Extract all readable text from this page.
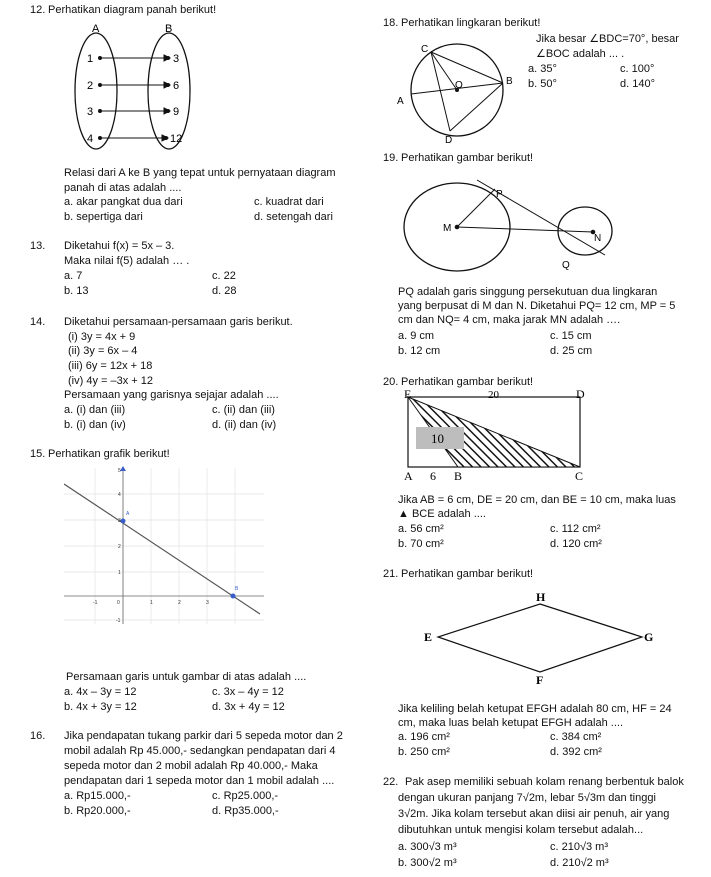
12. Perhatikan diagram panah berikut!
A	B
1
2
3
4
3
6
9
12
Relasi dari A ke B yang tepat untuk pernyataan diagram
panah di atas adalah ....
a. akar pangkat dua dari	c. kuadrat dari
b. sepertiga dari	d. setengah dari
13. Diketahui f(x) = 5x – 3.
Maka nilai f(5) adalah … .
a. 7	c. 22
b. 13	d. 28
14. Diketahui persamaan-persamaan garis berikut.
(i) 3y = 4x + 9
(ii) 3y = 6x – 4
(iii) 6y = 12x + 18
(iv) 4y = –3x + 12
Persamaan yang garisnya sejajar adalah ....
a. (i) dan (iii)	c. (ii) dan (iii)
b. (i) dan (iv)	d. (ii) dan (iv)
15. Perhatikan grafik berikut!
A
B
-1	0	1	2	3
5
4
3
2
1
-1
Persamaan garis untuk gambar di atas adalah ....
a. 4x – 3y = 12	c. 3x – 4y = 12
b. 4x + 3y = 12	d. 3x + 4y = 12
16. Jika pendapatan tukang parkir dari 5 sepeda motor dan 2
mobil adalah Rp 45.000,- sedangkan pendapatan dari 4
sepeda motor dan 2 mobil adalah Rp 40.000,- Maka
pendapatan dari 1 sepeda motor dan 1 mobil adalah ....
a. Rp15.000,-	c. Rp25.000,-
b. Rp20.000,-	d. Rp35.000,-
18. Perhatikan lingkaran berikut!
C
O	B
A
D
Jika besar ∠BDC=70°, besar
∠BOC adalah ... .
a. 35°	c. 100°
b. 50°	d. 140°
19. Perhatikan gambar berikut!
P
M
N
Q
PQ adalah garis singgung persekutuan dua lingkaran
yang berpusat di M dan N. Diketahui PQ= 12 cm, MP = 5
cm dan NQ= 4 cm, maka jarak MN adalah ….
a. 9 cm	c. 15 cm
b. 12 cm	d. 25 cm
20. Perhatikan gambar berikut!
10
E	D
20
A 6 B	C
Jika AB = 6 cm, DE = 20 cm, dan BE = 10 cm, maka luas
▲ BCE adalah ....
a. 56 cm²	c. 112 cm²
b. 70 cm²	d. 120 cm²
21. Perhatikan gambar berikut!
H
E	G
F
Jika keliling belah ketupat EFGH adalah 80 cm, HF = 24
cm, maka luas belah ketupat EFGH adalah ....
a. 196 cm²	c. 384 cm²
b. 250 cm²	d. 392 cm²
22. Pak asep memiliki sebuah kolam renang berbentuk balok
dengan ukuran panjang 7√2m, lebar 5√3m dan tinggi
3√2m. Jika kolam tersebut akan diisi air penuh, air yang
dibutuhkan untuk mengisi kolam tersebut adalah...
a. 300√3 m³	c. 210√3 m³
b. 300√2 m³	d. 210√2 m³
